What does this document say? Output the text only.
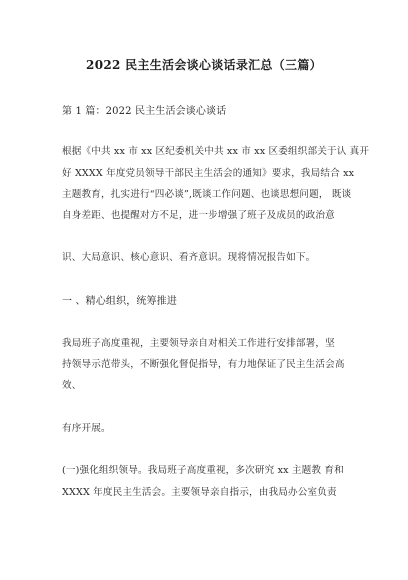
2022 民主生活会谈心谈话录汇总（三篇）
第 1 篇：2022 民主生活会谈心谈话
根据《中共 xx 市 xx 区纪委机关中共 xx 市 xx 区委组织部关于认 真开
好 XXXX 年度党员领导干部民主生活会的通知》要求，我局结合 xx
主题教育，扎实进行“四必谈”,既谈工作问题、也谈思想问题， 既谈
自身差距、也提醒对方不足，进一步增强了班子及成员的政治意
识、大局意识、核心意识、看齐意识。现将情况报告如下。
一 、精心组织，统筹推进
我局班子高度重视，主要领导亲自对相关工作进行安排部署，坚
持领导示范带头，不断强化督促指导，有力地保证了民主生活会高
效、
有序开展。
(一)强化组织领导。我局班子高度重视，多次研究 xx 主题教 育和
XXXX 年度民主生活会。主要领导亲自指示，由我局办公室负责
